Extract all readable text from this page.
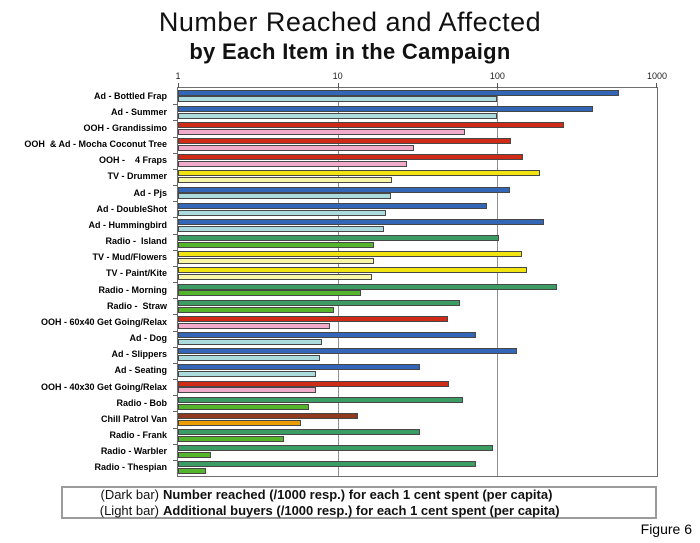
Number Reached and Affected
by Each Item in the Campaign
Ad - Bottled Frap
Ad - Summer
OOH - Grandissimo
OOH  & Ad - Mocha Coconut Tree
OOH -    4 Fraps
TV - Drummer
Ad - Pjs
Ad - DoubleShot
Ad - Hummingbird
Radio -  Island
TV - Mud/Flowers
TV - Paint/Kite
Radio - Morning
Radio -  Straw
OOH - 60x40 Get Going/Relax
Ad - Dog
Ad - Slippers
Ad - Seating
OOH - 40x30 Get Going/Relax
Radio - Bob
Chill Patrol Van
Radio - Frank
Radio - Warbler
Radio - Thespian
1	10	100	1000
(Dark bar) Number reached (/1000 resp.) for each 1 cent spent (per capita)
(Light bar) Additional buyers (/1000 resp.) for each 1 cent spent (per capita)
Figure 6
